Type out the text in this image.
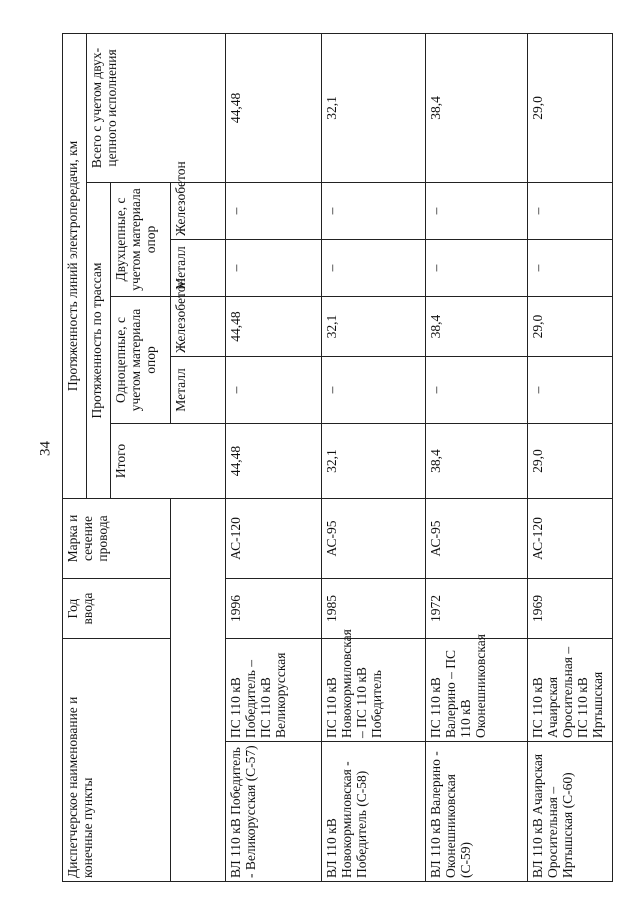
34
Диспетчерское наименование и конечные пункты		Год ввода	Марка и сечение провода	Протяженность линий электропередачи, км					
				Протяженность по трассам					Всего с учетом двух-цепного исполнения
				Итого	Одноцепные, с учетом материала опор		Двухцепные, с учетом материала опор		
					Металл	Железобетон	Металл	Железобетон	
ВЛ 110 кВ Победитель - Великорусская (С-57)	ПС 110 кВ Победитель – ПС 110 кВ Великорусская	1996	АС-120	44,48	–	44,48	–	–	44,48
ВЛ 110 кВ Новокормиловская - Победитель (С-58)	ПС 110 кВ Новокормиловская – ПС 110 кВ Победитель	1985	АС-95	32,1	–	32,1	–	–	32,1
ВЛ 110 кВ Валерино - Оконешниковская (С-59)	ПС 110 кВ Валерино – ПС 110 кВ Оконешниковская	1972	АС-95	38,4	–	38,4	–	–	38,4
ВЛ 110 кВ Ачаирская Оросительная – Иртышская (С-60)	ПС 110 кВ Ачаирская Оросительная – ПС 110 кВ Иртышская	1969	АС-120	29,0	–	29,0	–	–	29,0
